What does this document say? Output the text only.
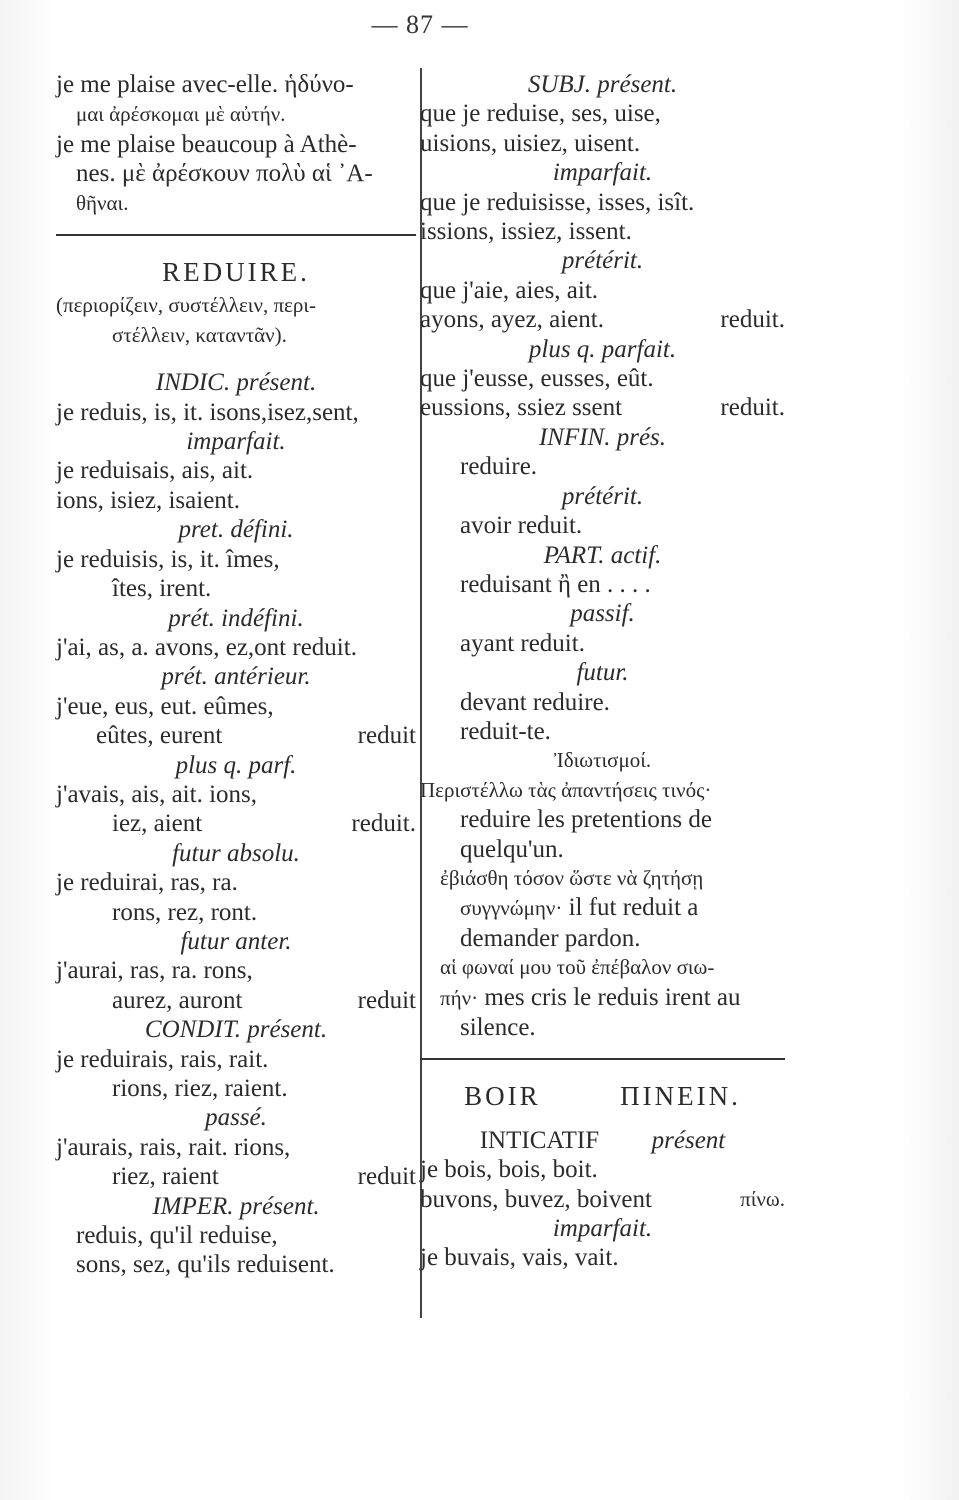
— 87 —
je me plaise avec-elle. ἡδύνο-
μαι ἀρέσκομαι μὲ αὐτήν.
je me plaise beaucoup à Athè-
nes. μὲ ἀρέσκουν πολὺ αἱ ᾿Α-
θῆναι.
REDUIRE.
(περιορίζειν, συστέλλειν, περι-
στέλλειν, καταντᾶν).
INDIC. présent.
je reduis, is, it. isons,isez,sent,
imparfait.
je reduisais, ais, ait.
ions, isiez, isaient.
pret. défini.
je reduisis, is, it. îmes,
îtes, irent.
prét. indéfini.
j'ai, as, a. avons, ez,ont reduit.
prét. antérieur.
j'eue, eus, eut. eûmes,
eûtes, eurent	reduit
plus q. parf.
j'avais, ais, ait. ions,
iez, aient	reduit.
futur absolu.
je reduirai, ras, ra.
rons, rez, ront.
futur anter.
j'aurai, ras, ra. rons,
aurez, auront	reduit
CONDIT. présent.
je reduirais, rais, rait.
rions, riez, raient.
passé.
j'aurais, rais, rait. rions,
riez, raient	reduit
IMPER. présent.
reduis, qu'il reduise,
sons, sez, qu'ils reduisent.
SUBJ. présent.
que je reduise, ses, uise,
uisions, uisiez, uisent.
imparfait.
que je reduisisse, isses, isît.
issions, issiez, issent.
prétérit.
que j'aie, aies, ait.
ayons, ayez, aient.	reduit.
plus q. parfait.
que j'eusse, eusses, eût.
eussions, ssiez ssent	reduit.
INFIN. prés.
reduire.
prétérit.
avoir reduit.
PART. actif.
reduisant ἢ en . . . .
passif.
ayant reduit.
futur.
devant reduire.
reduit-te.
Ἰδιωτισμοί.
Περιστέλλω τὰς ἀπαντήσεις τινός·
reduire les pretentions de
quelqu'un.
ἐβιάσθη τόσον ὥστε νὰ ζητήσῃ
συγγνώμην· il fut reduit a
demander pardon.
αἱ φωναί μου τοῦ ἐπέβαλον σιω-
πήν· mes cris le reduis irent au
silence.
BOIR	ΠΙΝΕΙΝ.
INTICATIF présent
je bois, bois, boit.
buvons, buvez, boivent	πίνω.
imparfait.
je buvais, vais, vait.
